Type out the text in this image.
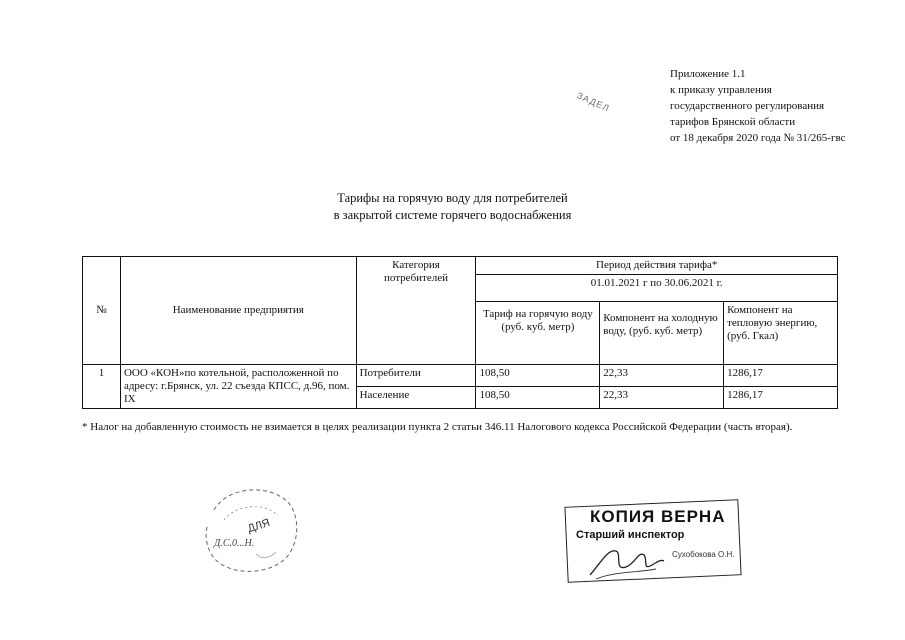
Приложение 1.1
к приказу управления
государственного регулирования
тарифов Брянской области
от 18 декабря 2020 года № 31/265-гвс
ЗАДЕЛ
Тарифы на горячую воду для потребителей
в закрытой системе горячего водоснабжения
№	Наименование предприятия	Категория потребителей	Период действия тарифа*		
			01.01.2021 г по 30.06.2021 г.		
			Тариф на горячую воду (руб. куб. метр)	Компонент на холодную воду, (руб. куб. метр)	Компонент на тепловую энергию, (руб. Гкал)
1	ООО «КОН»по котельной, расположенной по адресу: г.Брянск, ул. 22 съезда КПСС, д.96, пом. IX	Потребители	108,50	22,33	1286,17
		Население	108,50	22,33	1286,17
* Налог на добавленную стоимость не взимается в целях реализации пункта 2 статьи 346.11 Налогового кодекса Российской Федерации (часть вторая).
ДЛЯ
Д.С.0...Н.
КОПИЯ ВЕРНА
Старший инспектор
Сухобокова О.Н.
